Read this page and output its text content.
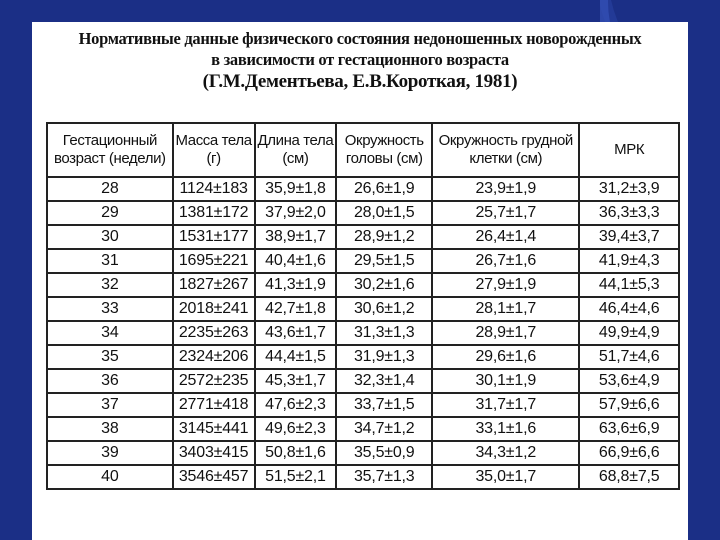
Нормативные данные физического состояния недоношенных новорожденных
в зависимости от гестационного возраста
(Г.М.Дементьева, Е.В.Короткая, 1981)
Гестационный возраст (недели)	Масса тела (г)	Длина тела (см)	Окружность головы (см)	Окружность грудной клетки (см)	МРК
28	1124±183	35,9±1,8	26,6±1,9	23,9±1,9	31,2±3,9
29	1381±172	37,9±2,0	28,0±1,5	25,7±1,7	36,3±3,3
30	1531±177	38,9±1,7	28,9±1,2	26,4±1,4	39,4±3,7
31	1695±221	40,4±1,6	29,5±1,5	26,7±1,6	41,9±4,3
32	1827±267	41,3±1,9	30,2±1,6	27,9±1,9	44,1±5,3
33	2018±241	42,7±1,8	30,6±1,2	28,1±1,7	46,4±4,6
34	2235±263	43,6±1,7	31,3±1,3	28,9±1,7	49,9±4,9
35	2324±206	44,4±1,5	31,9±1,3	29,6±1,6	51,7±4,6
36	2572±235	45,3±1,7	32,3±1,4	30,1±1,9	53,6±4,9
37	2771±418	47,6±2,3	33,7±1,5	31,7±1,7	57,9±6,6
38	3145±441	49,6±2,3	34,7±1,2	33,1±1,6	63,6±6,9
39	3403±415	50,8±1,6	35,5±0,9	34,3±1,2	66,9±6,6
40	3546±457	51,5±2,1	35,7±1,3	35,0±1,7	68,8±7,5
